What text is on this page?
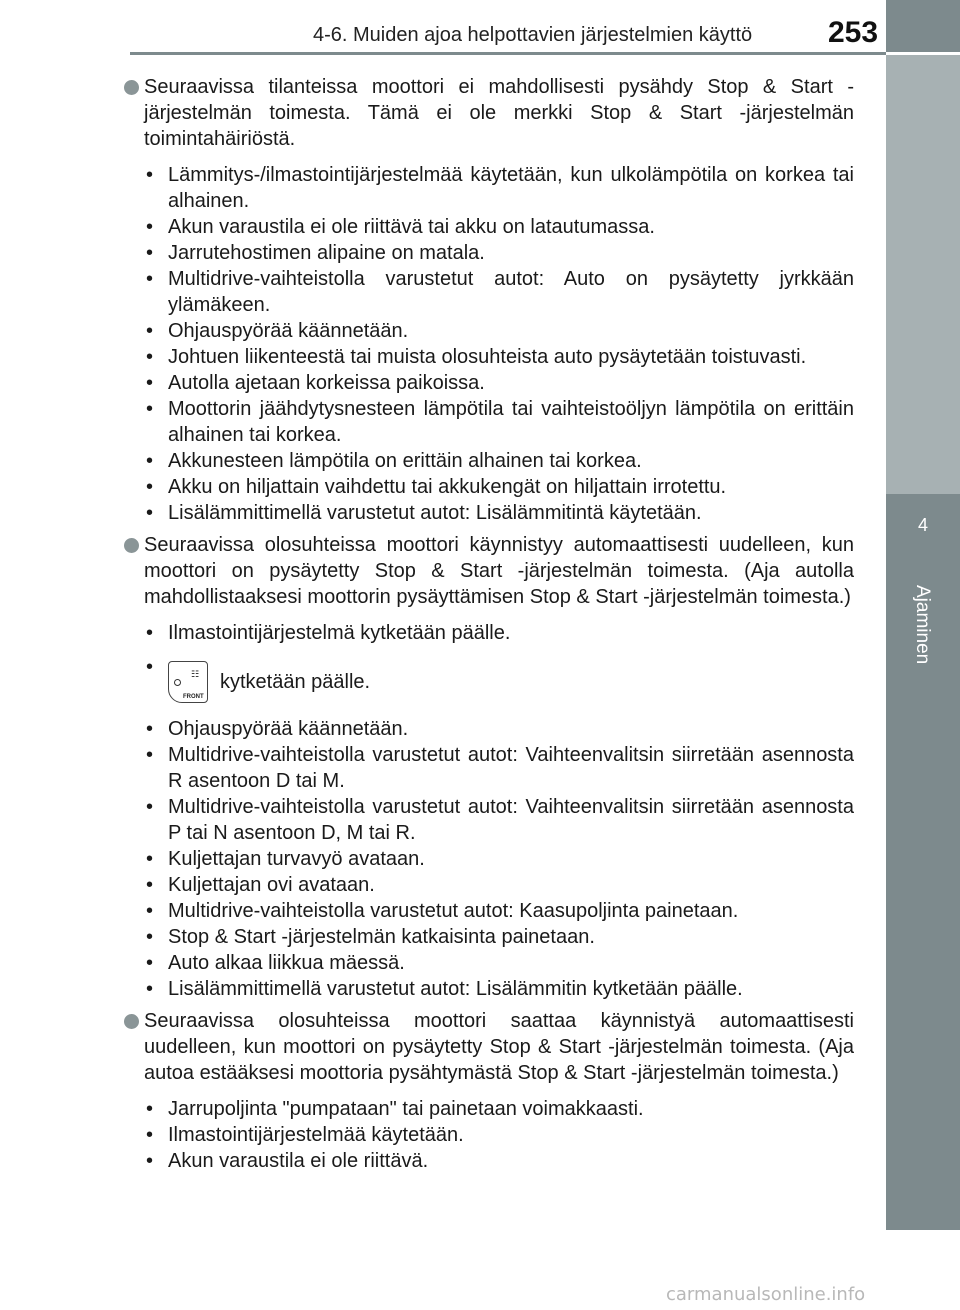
4-6. Muiden ajoa helpottavien järjestelmien käyttö	253
4
Ajaminen

Seuraavissa tilanteissa moottori ei mahdollisesti pysähdy Stop & Start -järjestelmän toimesta. Tämä ei ole merkki Stop & Start -järjestelmän toimintahäiriöstä.

• Lämmitys-/ilmastointijärjestelmää käytetään, kun ulkolämpötila on korkea tai alhainen.
• Akun varaustila ei ole riittävä tai akku on latautumassa.
• Jarrutehostimen alipaine on matala.
• Multidrive-vaihteistolla varustetut autot: Auto on pysäytetty jyrkkään ylämäkeen.
• Ohjauspyörää käännetään.
• Johtuen liikenteestä tai muista olosuhteista auto pysäytetään toistuvasti.
• Autolla ajetaan korkeissa paikoissa.
• Moottorin jäähdytysnesteen lämpötila tai vaihteistoöljyn lämpötila on erittäin alhainen tai korkea.
• Akkunesteen lämpötila on erittäin alhainen tai korkea.
• Akku on hiljattain vaihdettu tai akkukengät on hiljattain irrotettu.
• Lisälämmittimellä varustetut autot: Lisälämmitintä käytetään.

Seuraavissa olosuhteissa moottori käynnistyy automaattisesti uudelleen, kun moottori on pysäytetty Stop & Start -järjestelmän toimesta. (Aja autolla mahdollistaaksesi moottorin pysäyttämisen Stop & Start -järjestelmän toimesta.)

• Ilmastointijärjestelmä kytketään päälle.
• ☷
FRONT
kytketään päälle.
• Ohjauspyörää käännetään.
• Multidrive-vaihteistolla varustetut autot: Vaihteenvalitsin siirretään asennosta R asentoon D tai M.
• Multidrive-vaihteistolla varustetut autot: Vaihteenvalitsin siirretään asennosta P tai N asentoon D, M tai R.
• Kuljettajan turvavyö avataan.
• Kuljettajan ovi avataan.
• Multidrive-vaihteistolla varustetut autot: Kaasupoljinta painetaan.
• Stop & Start -järjestelmän katkaisinta painetaan.
• Auto alkaa liikkua mäessä.
• Lisälämmittimellä varustetut autot: Lisälämmitin kytketään päälle.

Seuraavissa olosuhteissa moottori saattaa käynnistyä automaattisesti uudelleen, kun moottori on pysäytetty Stop & Start -järjestelmän toimesta. (Aja autoa estääksesi moottoria pysähtymästä Stop & Start -järjestelmän toimesta.)

• Jarrupoljinta "pumpataan" tai painetaan voimakkaasti.
• Ilmastointijärjestelmää käytetään.
• Akun varaustila ei ole riittävä.
carmanualsonline.info
